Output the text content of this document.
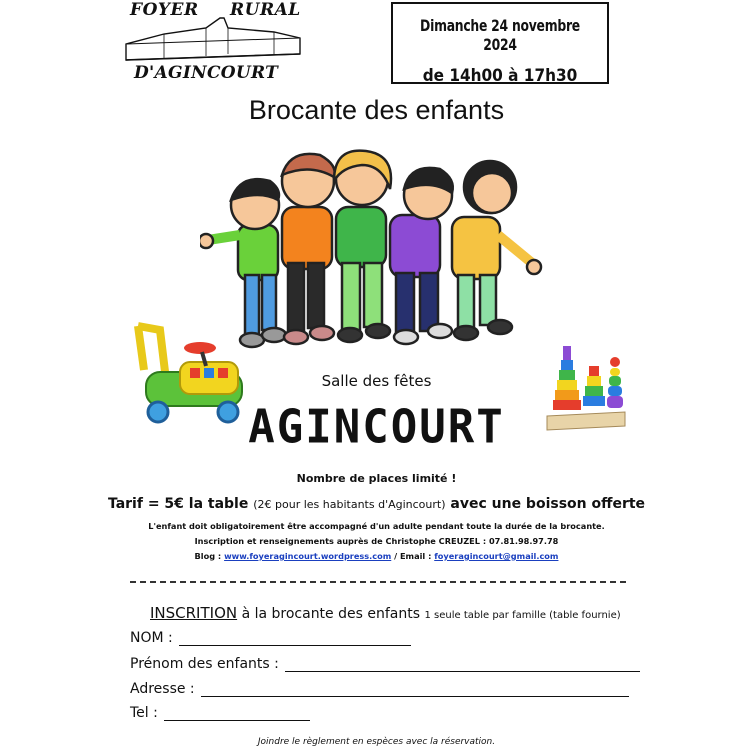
FOYER RURAL
D'AGINCOURT
Dimanche 24 novembre 2024
de 14h00 à 17h30
Brocante des enfants
Salle des fêtes
AGINCOURT
Nombre de places limité !
Tarif = 5€ la table (2€ pour les habitants d'Agincourt) avec une boisson offerte
L'enfant doit obligatoirement être accompagné d'un adulte pendant toute la durée de la brocante.
Inscription et renseignements auprès de Christophe CREUZEL : 07.81.98.97.78
Blog : www.foyeragincourt.wordpress.com / Email : foyeragincourt@gmail.com
INSCRITION à la brocante des enfants 1 seule table par famille (table fournie)
NOM :
Prénom des enfants :
Adresse :
Tel :
Joindre le règlement en espèces avec la réservation.
